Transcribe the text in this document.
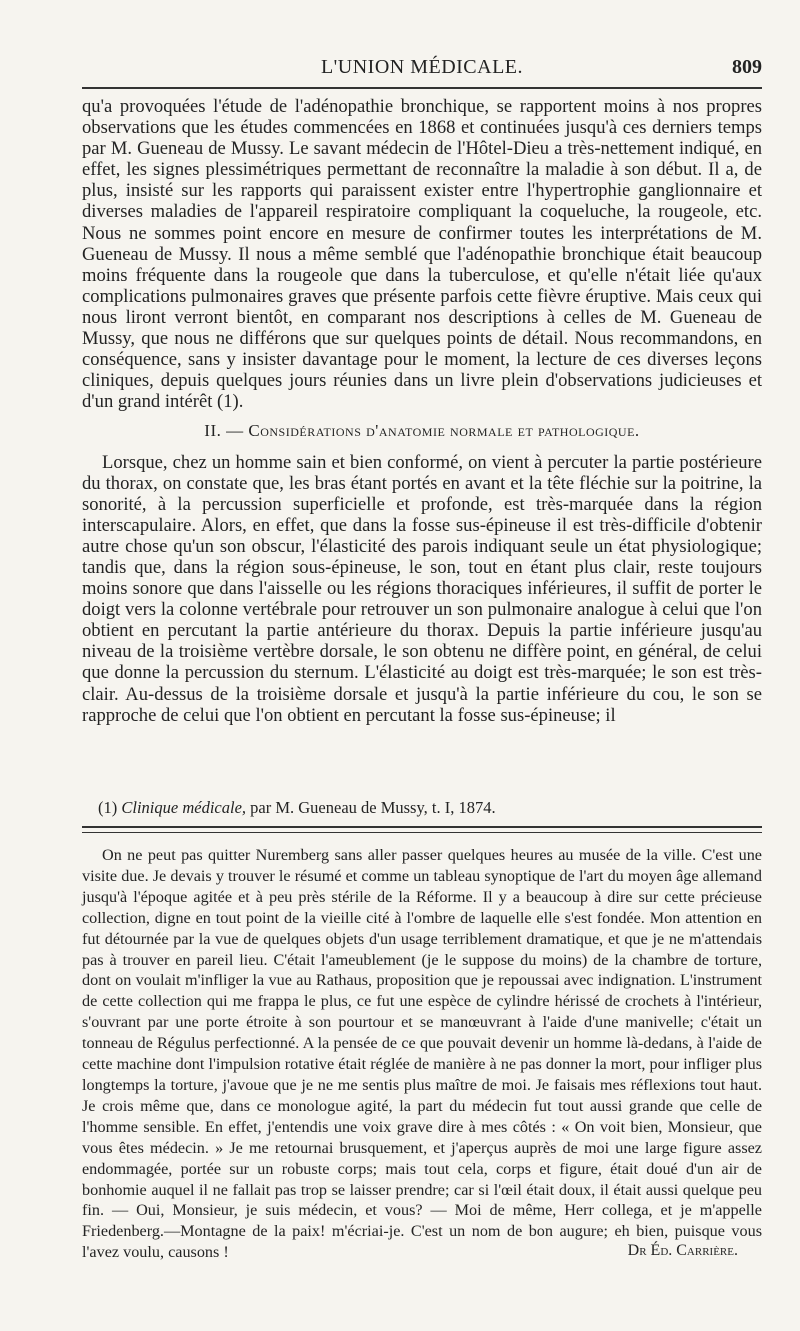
L'UNION MÉDICALE.	809

qu'a provoquées l'étude de l'adénopathie bronchique, se rapportent moins à nos propres observations que les études commencées en 1868 et continuées jusqu'à ces derniers temps par M. Gueneau de Mussy. Le savant médecin de l'Hôtel-Dieu a très-nettement indiqué, en effet, les signes plessimétriques permettant de reconnaître la maladie à son début. Il a, de plus, insisté sur les rapports qui paraissent exister entre l'hypertrophie ganglionnaire et diverses maladies de l'appareil respiratoire compliquant la coqueluche, la rougeole, etc. Nous ne sommes point encore en mesure de confirmer toutes les interprétations de M. Gueneau de Mussy. Il nous a même semblé que l'adénopathie bronchique était beaucoup moins fréquente dans la rougeole que dans la tuberculose, et qu'elle n'était liée qu'aux complications pulmonaires graves que présente parfois cette fièvre éruptive. Mais ceux qui nous liront verront bientôt, en comparant nos descriptions à celles de M. Gueneau de Mussy, que nous ne différons que sur quelques points de détail. Nous recommandons, en conséquence, sans y insister davantage pour le moment, la lecture de ces diverses leçons cliniques, depuis quelques jours réunies dans un livre plein d'observations judicieuses et d'un grand intérêt (1).

II. — Considérations d'anatomie normale et pathologique.

Lorsque, chez un homme sain et bien conformé, on vient à percuter la partie postérieure du thorax, on constate que, les bras étant portés en avant et la tête fléchie sur la poitrine, la sonorité, à la percussion superficielle et profonde, est très-marquée dans la région interscapulaire. Alors, en effet, que dans la fosse sus-épineuse il est très-difficile d'obtenir autre chose qu'un son obscur, l'élasticité des parois indiquant seule un état physiologique; tandis que, dans la région sous-épineuse, le son, tout en étant plus clair, reste toujours moins sonore que dans l'aisselle ou les régions thoraciques inférieures, il suffit de porter le doigt vers la colonne vertébrale pour retrouver un son pulmonaire analogue à celui que l'on obtient en percutant la partie antérieure du thorax. Depuis la partie inférieure jusqu'au niveau de la troisième vertèbre dorsale, le son obtenu ne diffère point, en général, de celui que donne la percussion du sternum. L'élasticité au doigt est très-marquée; le son est très-clair. Au-dessus de la troisième dorsale et jusqu'à la partie inférieure du cou, le son se rapproche de celui que l'on obtient en percutant la fosse sus-épineuse; il

(1) Clinique médicale, par M. Gueneau de Mussy, t. I, 1874.

On ne peut pas quitter Nuremberg sans aller passer quelques heures au musée de la ville. C'est une visite due. Je devais y trouver le résumé et comme un tableau synoptique de l'art du moyen âge allemand jusqu'à l'époque agitée et à peu près stérile de la Réforme. Il y a beaucoup à dire sur cette précieuse collection, digne en tout point de la vieille cité à l'ombre de laquelle elle s'est fondée. Mon attention en fut détournée par la vue de quelques objets d'un usage terriblement dramatique, et que je ne m'attendais pas à trouver en pareil lieu. C'était l'ameublement (je le suppose du moins) de la chambre de torture, dont on voulait m'infliger la vue au Rathaus, proposition que je repoussai avec indignation. L'instrument de cette collection qui me frappa le plus, ce fut une espèce de cylindre hérissé de crochets à l'intérieur, s'ouvrant par une porte étroite à son pourtour et se manœuvrant à l'aide d'une manivelle; c'était un tonneau de Régulus perfectionné. A la pensée de ce que pouvait devenir un homme là-dedans, à l'aide de cette machine dont l'impulsion rotative était réglée de manière à ne pas donner la mort, pour infliger plus longtemps la torture, j'avoue que je ne me sentis plus maître de moi. Je faisais mes réflexions tout haut. Je crois même que, dans ce monologue agité, la part du médecin fut tout aussi grande que celle de l'homme sensible. En effet, j'entendis une voix grave dire à mes côtés : « On voit bien, Monsieur, que vous êtes médecin. » Je me retournai brusquement, et j'aperçus auprès de moi une large figure assez endommagée, portée sur un robuste corps; mais tout cela, corps et figure, était doué d'un air de bonhomie auquel il ne fallait pas trop se laisser prendre; car si l'œil était doux, il était aussi quelque peu fin. — Oui, Monsieur, je suis médecin, et vous? — Moi de même, Herr collega, et je m'appelle Friedenberg.—Montagne de la paix! m'écriai-je. C'est un nom de bon augure; eh bien, puisque vous l'avez voulu, causons !	Dr Éd. Carrière.
